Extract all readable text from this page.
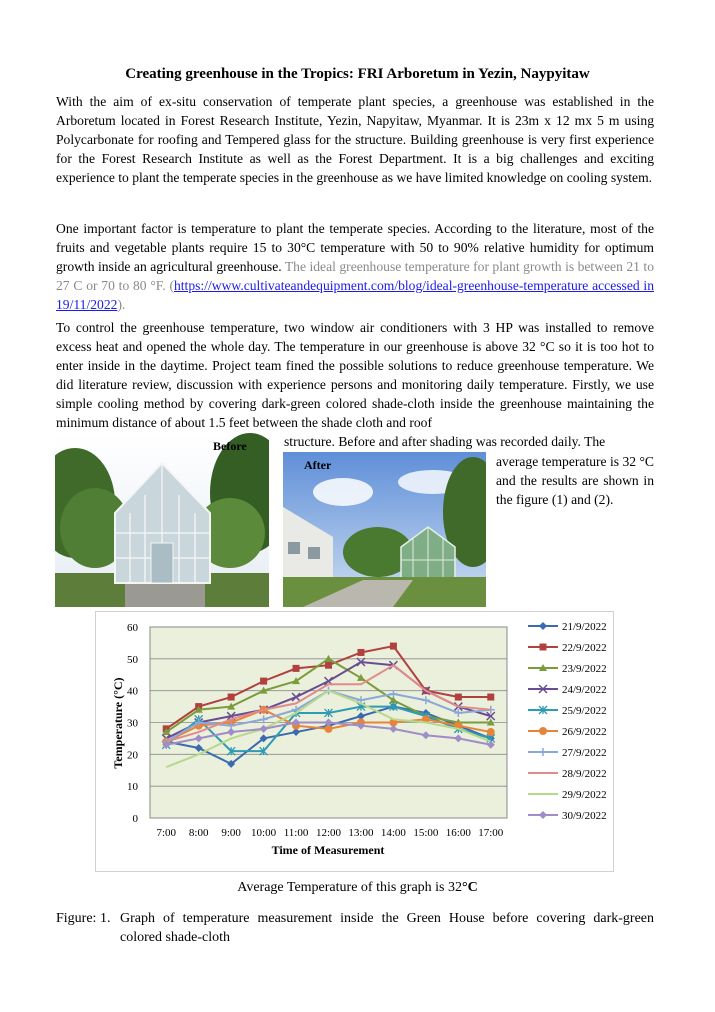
Creating greenhouse in the Tropics: FRI Arboretum in Yezin, Naypyitaw

With the aim of ex-situ conservation of temperate plant species, a greenhouse was established in the Arboretum located in Forest Research Institute, Yezin, Napyitaw, Myanmar. It is 23m x 12 mx 5 m using Polycarbonate for roofing and Tempered glass for the structure. Building greenhouse is very first experience for the Forest Research Institute as well as the Forest Department. It is a big challenges and exciting experience to plant the temperate species in the greenhouse as we have limited knowledge on cooling system.

One important factor is temperature to plant the temperate species. According to the literature, most of the fruits and vegetable plants require 15 to 30°C temperature with 50 to 90% relative humidity for optimum growth inside an agricultural greenhouse. The ideal greenhouse temperature for plant growth is between 21 to 27 C or 70 to 80 °F. (https://www.cultivateandequipment.com/blog/ideal-greenhouse-temperature accessed in 19/11/2022).

To control the greenhouse temperature, two window air conditioners with 3 HP was installed to remove excess heat and opened the whole day. The temperature in our greenhouse is above 32 °C so it is too hot to enter inside in the daytime. Project team fined the possible solutions to reduce greenhouse temperature. We did literature review, discussion with experience persons and monitoring daily temperature. Firstly, we use simple cooling method by covering dark-green colored shade-cloth inside the greenhouse maintaining the minimum distance of about 1.5 feet between the shade cloth and roof

Before
After

structure. Before and after shading was recorded daily. The

average temperature is 32 °C and the results are shown in the figure (1) and (2).

0
10
20
30
40
50
60
7:00 8:00 9:00 10:00 11:00 12:00 13:00 14:00 15:00 16:00 17:00
Time of Measurement
Temperature (°C)
21/9/2022
22/9/2022
23/9/2022
24/9/2022
25/9/2022
26/9/2022
27/9/2022
28/9/2022
29/9/2022
30/9/2022
Average Temperature of this graph is 32°C
Figure: 1. Graph of temperature measurement inside the Green House before covering dark-green colored shade-cloth
